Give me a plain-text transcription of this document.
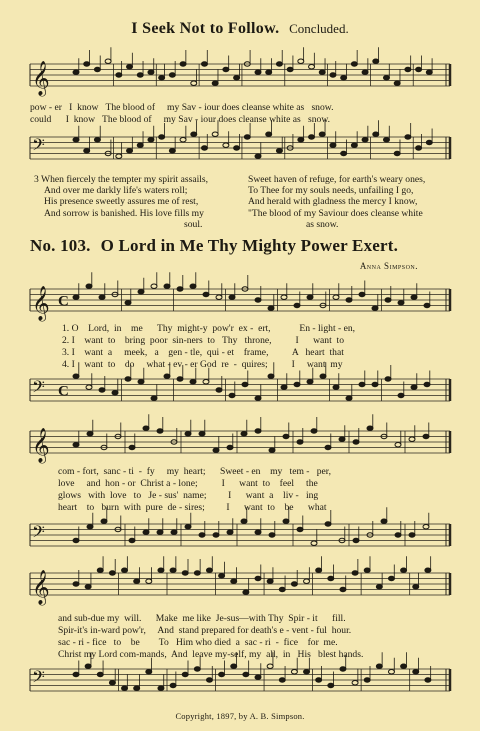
I Seek Not to Follow. Concluded.
𝄞
pow - er   I  know   The blood of     my Sav - iour does cleanse white as   snow.
could      I  know   The blood of     my Sav - iour does cleanse white as   snow.
𝄢
3 When fiercely the tempter my spirit assails,
And over me darkly life's waters roll;
His presence sweetly assures me of rest,
And sorrow is banished. His love fills my
soul.
Sweet haven of refuge, for earth's weary ones,
To Thee for my souls needs, unfailing I go,
And herald with gladness the mercy I know,
"The blood of my Saviour does cleanse white
as snow.
No. 103. O Lord in Me Thy Mighty Power Exert.
Anna Simpson.
𝄞 C
1. O    Lord,  in    me      Thy  might-y  pow'r  ex -  ert,            En - light - en,
2. I    want  to    bring  poor  sin-ners  to   Thy   throne,          I      want  to
3. I    want  a     meek,   a    gen - tle,  qui - et    frame,          A   heart  that
4. I    want  to    do     what - ev - er God  re  -  quires;          I     want  my
𝄢 C
𝄞
com - fort,  sanc - ti  -  fy     my  heart;      Sweet - en    my   tem -   per,
love     and  hon - or  Christ a - lone;          I      want  to    feel     the
glows   with  love   to   Je - sus'  name;         I      want  a    liv -   ing
heart    to   burn  with  pure  de - sires;         I      want  to    be      what
𝄢
𝄞
and sub-due my  will.      Make  me like  Je-sus—with Thy  Spir - it      fill.
Spir-it's in-ward pow'r,     And  stand prepared for death's e - vent - ful  hour.
sac - ri - fice   to    be        To   Him who died  a  sac - ri  -  fice    for  me.
Christ my Lord com-mands,  And  leave my-self, my  all,  in   His   blest hands.
𝄢
Copyright, 1897, by A. B. Simpson.
